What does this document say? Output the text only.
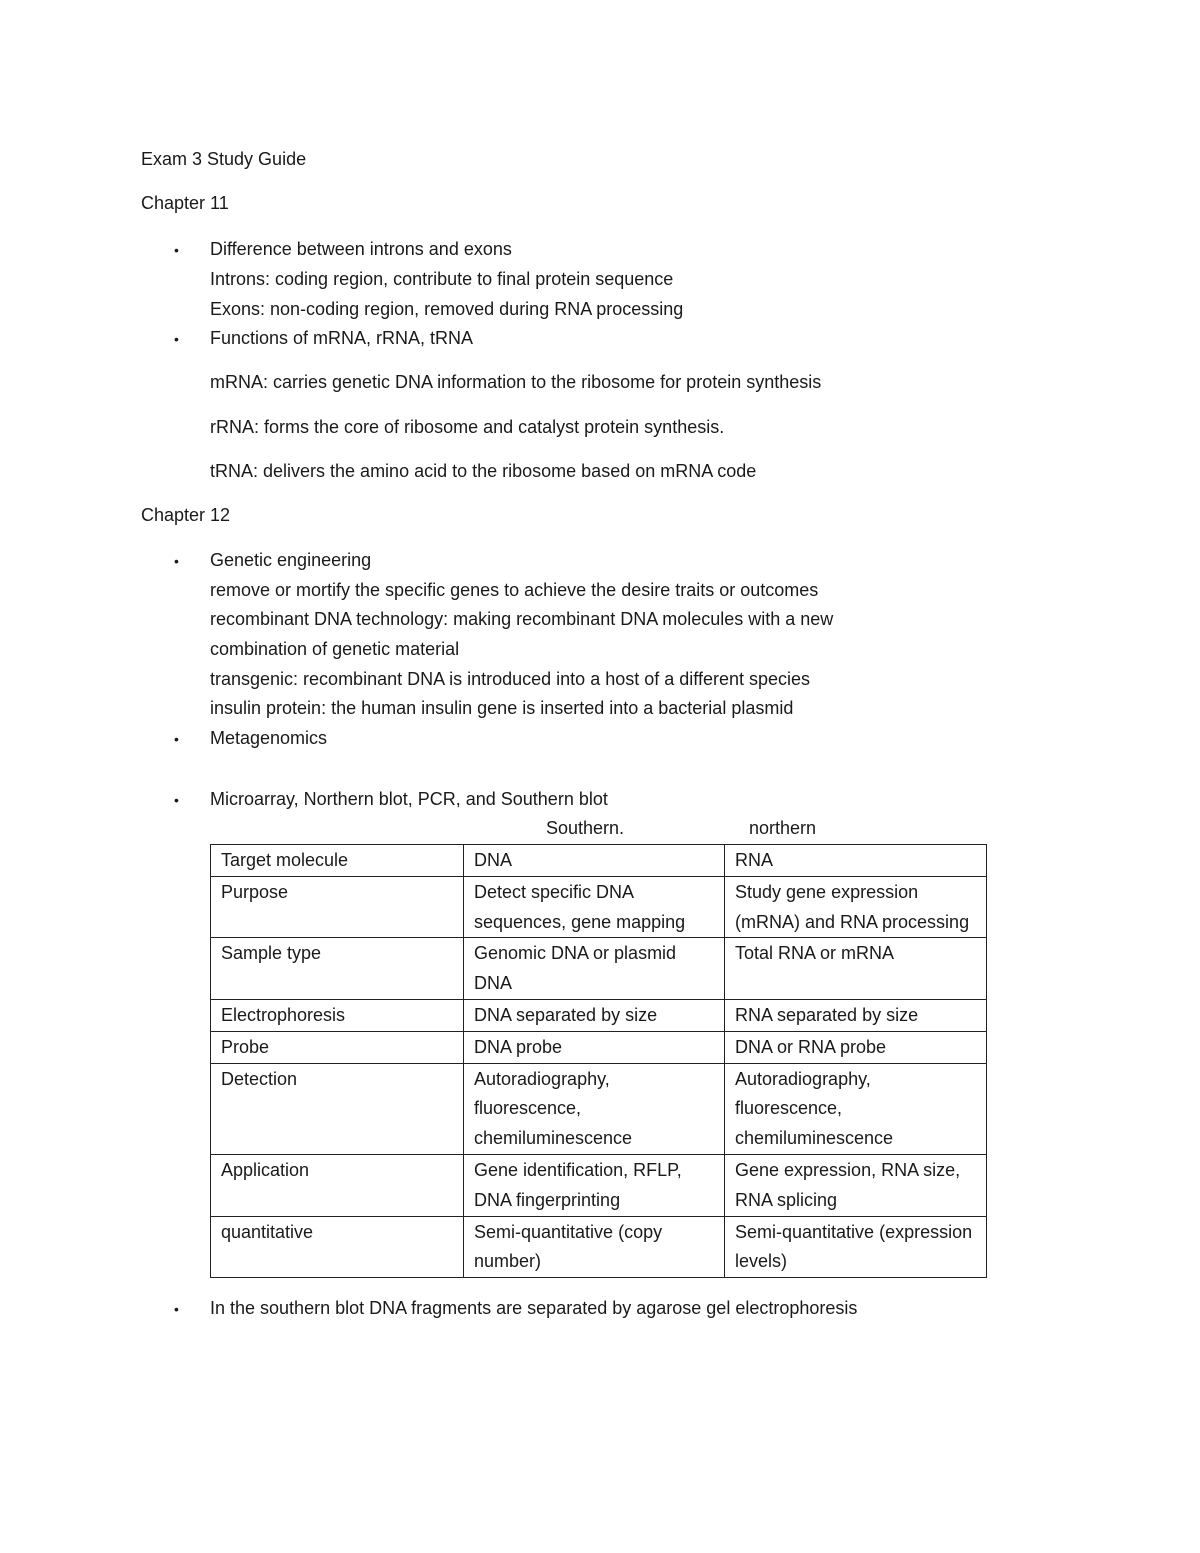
Exam 3 Study Guide
Chapter 11
• Difference between introns and exons
Introns: coding region, contribute to final protein sequence
Exons: non-coding region, removed during RNA processing
• Functions of mRNA, rRNA, tRNA
mRNA: carries genetic DNA information to the ribosome for protein synthesis
rRNA: forms the core of ribosome and catalyst protein synthesis.
tRNA: delivers the amino acid to the ribosome based on mRNA code
Chapter 12
• Genetic engineering
remove or mortify the specific genes to achieve the desire traits or outcomes
recombinant DNA technology: making recombinant DNA molecules with a new
combination of genetic material
transgenic: recombinant DNA is introduced into a host of a different species
insulin protein: the human insulin gene is inserted into a bacterial plasmid
• Metagenomics
• Microarray, Northern blot, PCR, and Southern blot
Southern.	northern
Target molecule	DNA	RNA
Purpose	Detect specific DNA sequences, gene mapping	Study gene expression (mRNA) and RNA processing
Sample type	Genomic DNA or plasmid DNA	Total RNA or mRNA
Electrophoresis	DNA separated by size	RNA separated by size
Probe	DNA probe	DNA or RNA probe
Detection	Autoradiography, fluorescence, chemiluminescence	Autoradiography, fluorescence, chemiluminescence
Application	Gene identification, RFLP, DNA fingerprinting	Gene expression, RNA size, RNA splicing
quantitative	Semi-quantitative (copy number)	Semi-quantitative (expression levels)
• In the southern blot DNA fragments are separated by agarose gel electrophoresis
